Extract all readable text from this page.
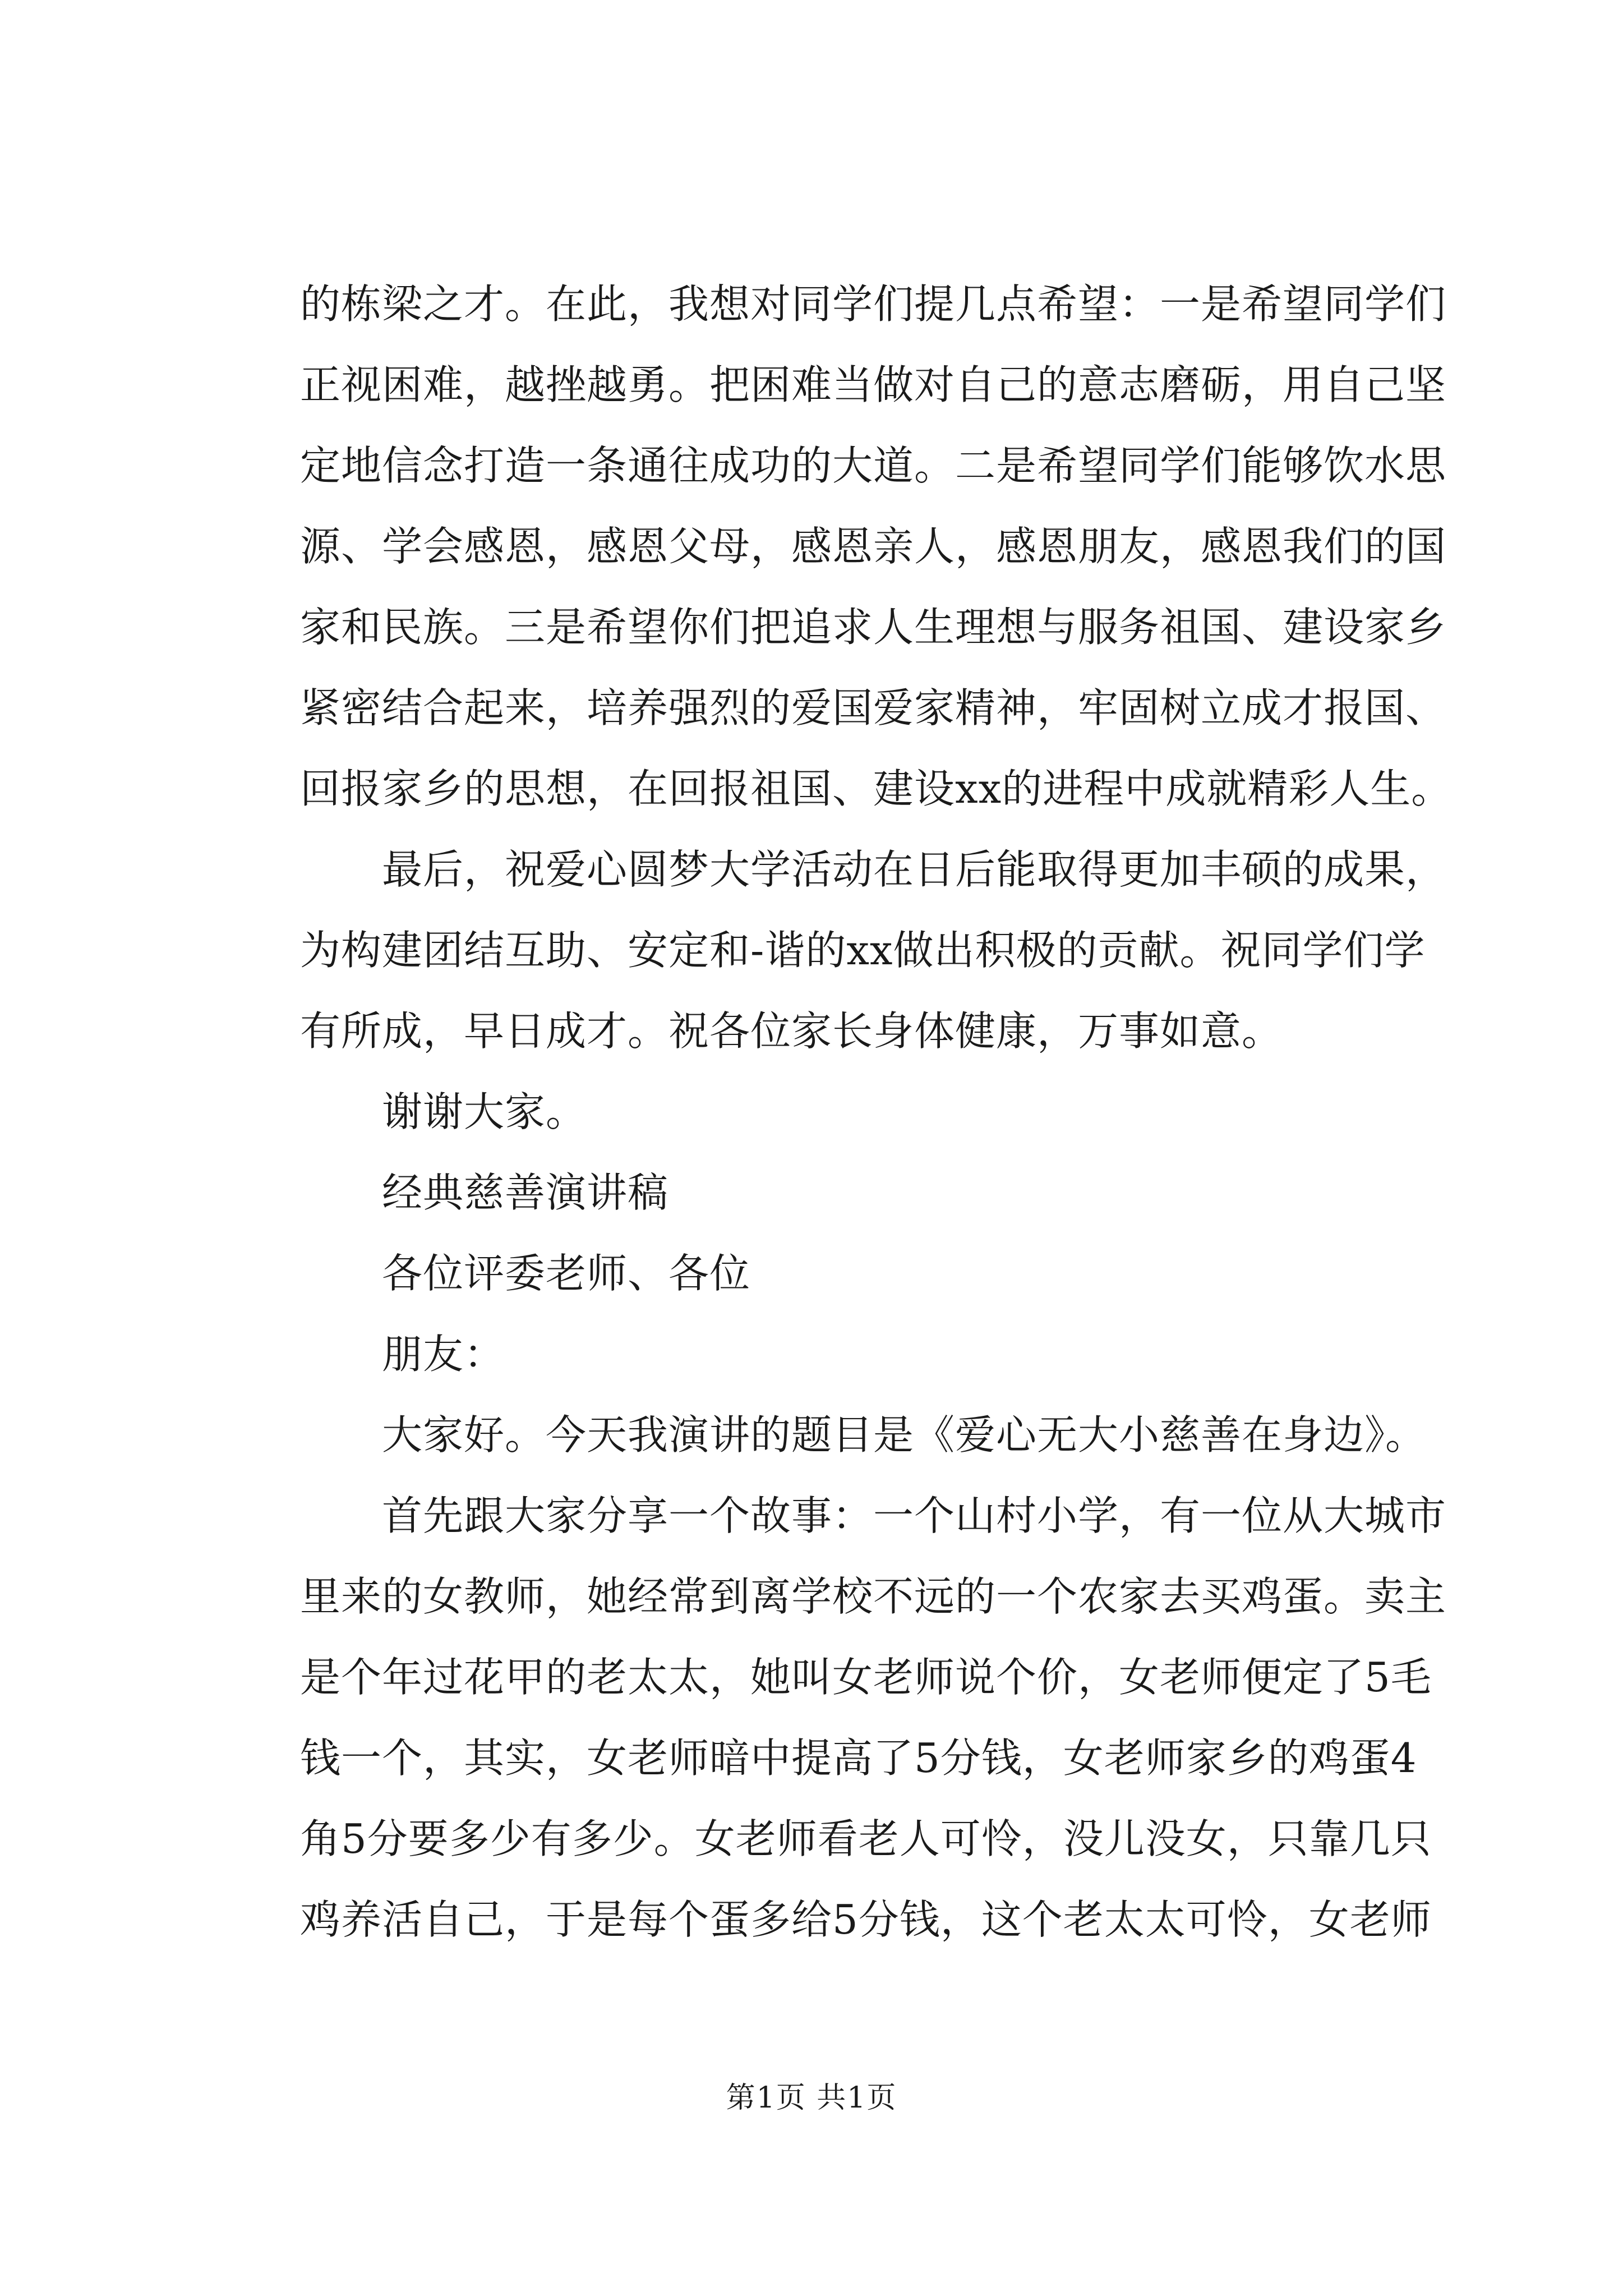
的栋梁之才。在此，我想对同学们提几点希望：一是希望同学们
正视困难，越挫越勇。把困难当做对自己的意志磨砺，用自己坚
定地信念打造一条通往成功的大道。二是希望同学们能够饮水思
源、学会感恩，感恩父母，感恩亲人，感恩朋友，感恩我们的国
家和民族。三是希望你们把追求人生理想与服务祖国、建设家乡
紧密结合起来，培养强烈的爱国爱家精神，牢固树立成才报国、
回报家乡的思想，在回报祖国、建设xx的进程中成就精彩人生。
　　最后，祝爱心圆梦大学活动在日后能取得更加丰硕的成果，
为构建团结互助、安定和-谐的xx做出积极的贡献。祝同学们学
有所成，早日成才。祝各位家长身体健康，万事如意。
　　谢谢大家。
　　经典慈善演讲稿
　　各位评委老师、各位
　　朋友：
　　大家好。今天我演讲的题目是《爱心无大小慈善在身边》。
　　首先跟大家分享一个故事：一个山村小学，有一位从大城市
里来的女教师，她经常到离学校不远的一个农家去买鸡蛋。卖主
是个年过花甲的老太太，她叫女老师说个价，女老师便定了5毛
钱一个，其实，女老师暗中提高了5分钱，女老师家乡的鸡蛋4
角5分要多少有多少。女老师看老人可怜，没儿没女，只靠几只
鸡养活自己，于是每个蛋多给5分钱，这个老太太可怜，女老师
第1页 共1页
